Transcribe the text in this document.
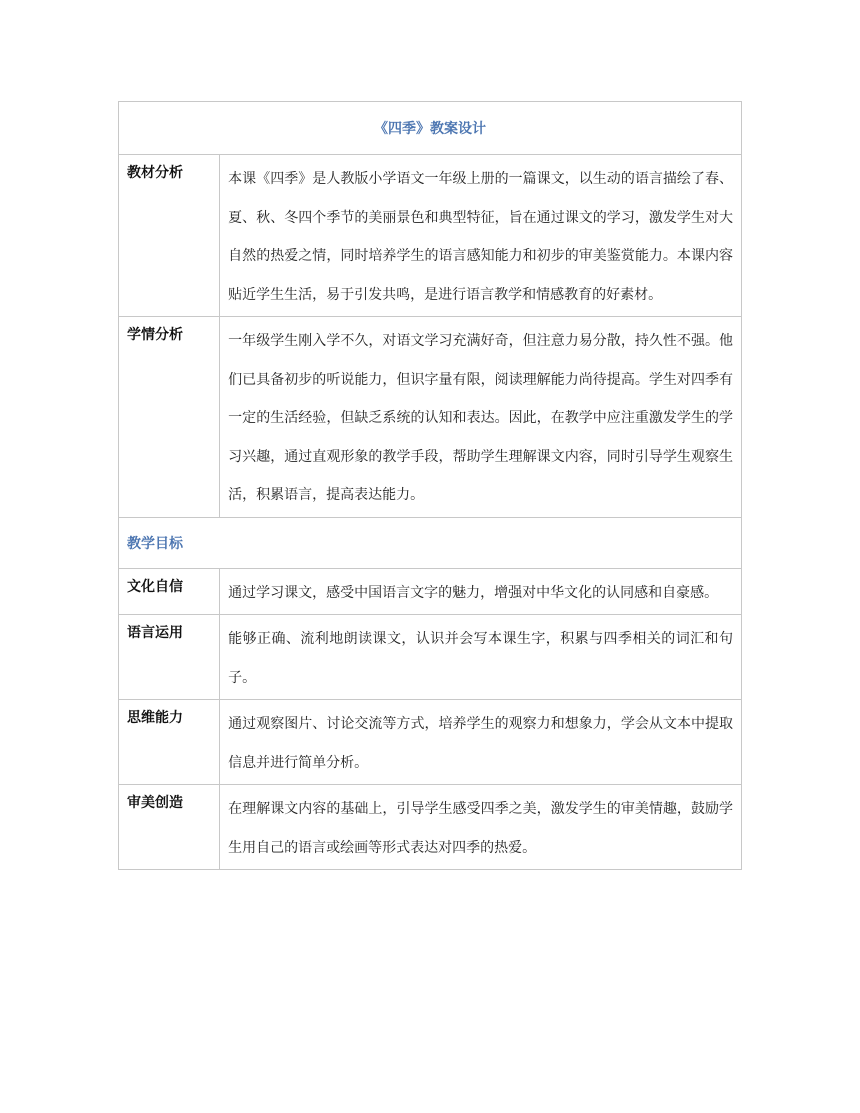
《四季》教案设计	

教材分析	本课《四季》是人教版小学语文一年级上册的一篇课文，以生动的语言描绘了春、夏、秋、冬四个季节的美丽景色和典型特征，旨在通过课文的学习，激发学生对大自然的热爱之情，同时培养学生的语言感知能力和初步的审美鉴赏能力。本课内容贴近学生生活，易于引发共鸣，是进行语言教学和情感教育的好素材。

学情分析	一年级学生刚入学不久，对语文学习充满好奇，但注意力易分散，持久性不强。他们已具备初步的听说能力，但识字量有限，阅读理解能力尚待提高。学生对四季有一定的生活经验，但缺乏系统的认知和表达。因此，在教学中应注重激发学生的学习兴趣，通过直观形象的教学手段，帮助学生理解课文内容，同时引导学生观察生活，积累语言，提高表达能力。

教学目标	

文化自信	通过学习课文，感受中国语言文字的魅力，增强对中华文化的认同感和自豪感。

语言运用	能够正确、流利地朗读课文，认识并会写本课生字，积累与四季相关的词汇和句子。

思维能力	通过观察图片、讨论交流等方式，培养学生的观察力和想象力，学会从文本中提取信息并进行简单分析。

审美创造	在理解课文内容的基础上，引导学生感受四季之美，激发学生的审美情趣，鼓励学生用自己的语言或绘画等形式表达对四季的热爱。
